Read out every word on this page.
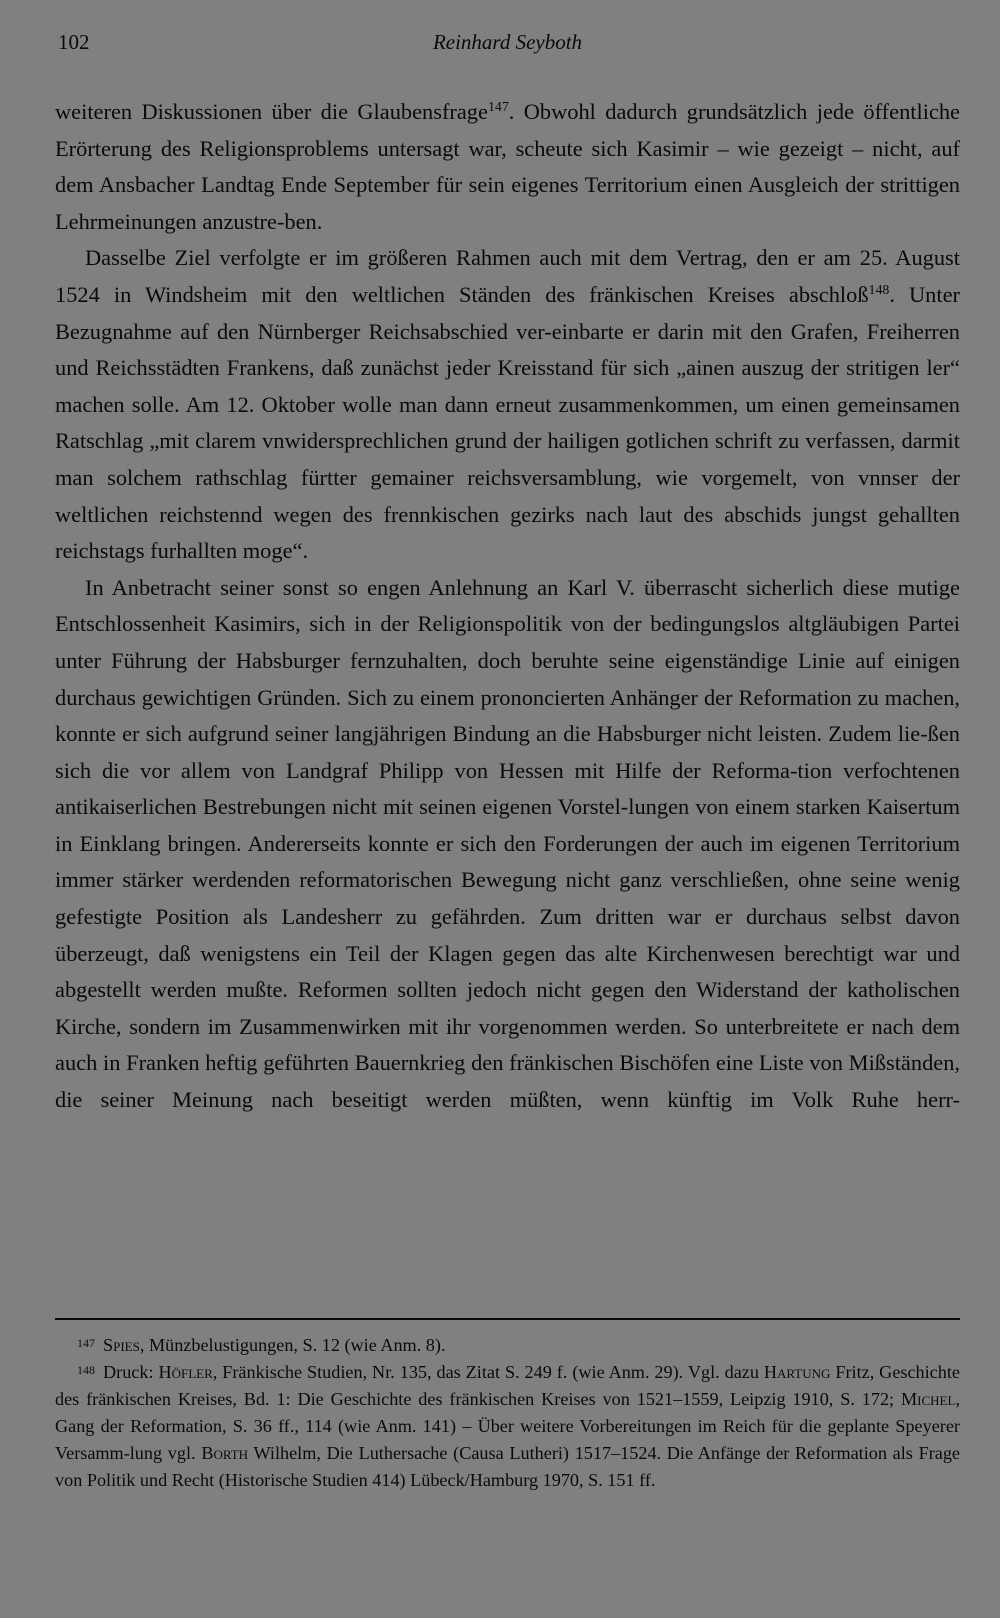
102	Reinhard Seyboth

weiteren Diskussionen über die Glaubensfrage$^{147}$. Obwohl dadurch grundsätzlich jede öffentliche Erörterung des Religionsproblems untersagt war, scheute sich Kasimir – wie gezeigt – nicht, auf dem Ansbacher Landtag Ende September für sein eigenes Territorium einen Ausgleich der strittigen Lehrmeinungen anzustre-ben.

Dasselbe Ziel verfolgte er im größeren Rahmen auch mit dem Vertrag, den er am 25. August 1524 in Windsheim mit den weltlichen Ständen des fränkischen Kreises abschloß$^{148}$. Unter Bezugnahme auf den Nürnberger Reichsabschied ver-einbarte er darin mit den Grafen, Freiherren und Reichsstädten Frankens, daß zunächst jeder Kreisstand für sich „ainen auszug der stritigen ler“ machen solle. Am 12. Oktober wolle man dann erneut zusammenkommen, um einen gemeinsamen Ratschlag „mit clarem vnwidersprechlichen grund der hailigen gotlichen schrift zu verfassen, darmit man solchem rathschlag fürtter gemainer reichsversamblung, wie vorgemelt, von vnnser der weltlichen reichstennd wegen des frennkischen gezirks nach laut des abschids jungst gehallten reichstags furhallten moge“.

In Anbetracht seiner sonst so engen Anlehnung an Karl V. überrascht sicherlich diese mutige Entschlossenheit Kasimirs, sich in der Religionspolitik von der bedingungslos altgläubigen Partei unter Führung der Habsburger fernzuhalten, doch beruhte seine eigenständige Linie auf einigen durchaus gewichtigen Gründen. Sich zu einem prononcierten Anhänger der Reformation zu machen, konnte er sich aufgrund seiner langjährigen Bindung an die Habsburger nicht leisten. Zudem lie-ßen sich die vor allem von Landgraf Philipp von Hessen mit Hilfe der Reforma-tion verfochtenen antikaiserlichen Bestrebungen nicht mit seinen eigenen Vorstel-lungen von einem starken Kaisertum in Einklang bringen. Andererseits konnte er sich den Forderungen der auch im eigenen Territorium immer stärker werdenden reformatorischen Bewegung nicht ganz verschließen, ohne seine wenig gefestigte Position als Landesherr zu gefährden. Zum dritten war er durchaus selbst davon überzeugt, daß wenigstens ein Teil der Klagen gegen das alte Kirchenwesen berechtigt war und abgestellt werden mußte. Reformen sollten jedoch nicht gegen den Widerstand der katholischen Kirche, sondern im Zusammenwirken mit ihr vorgenommen werden. So unterbreitete er nach dem auch in Franken heftig geführten Bauernkrieg den fränkischen Bischöfen eine Liste von Mißständen, die seiner Meinung nach beseitigt werden müßten, wenn künftig im Volk Ruhe herr-

147 Spies, Münzbelustigungen, S. 12 (wie Anm. 8).

148 Druck: Höfler, Fränkische Studien, Nr. 135, das Zitat S. 249 f. (wie Anm. 29). Vgl. dazu Hartung Fritz, Geschichte des fränkischen Kreises, Bd. 1: Die Geschichte des fränkischen Kreises von 1521–1559, Leipzig 1910, S. 172; Michel, Gang der Reformation, S. 36 ff., 114 (wie Anm. 141) – Über weitere Vorbereitungen im Reich für die geplante Speyerer Versamm-lung vgl. Borth Wilhelm, Die Luthersache (Causa Lutheri) 1517–1524. Die Anfänge der Reformation als Frage von Politik und Recht (Historische Studien 414) Lübeck/Hamburg 1970, S. 151 ff.
